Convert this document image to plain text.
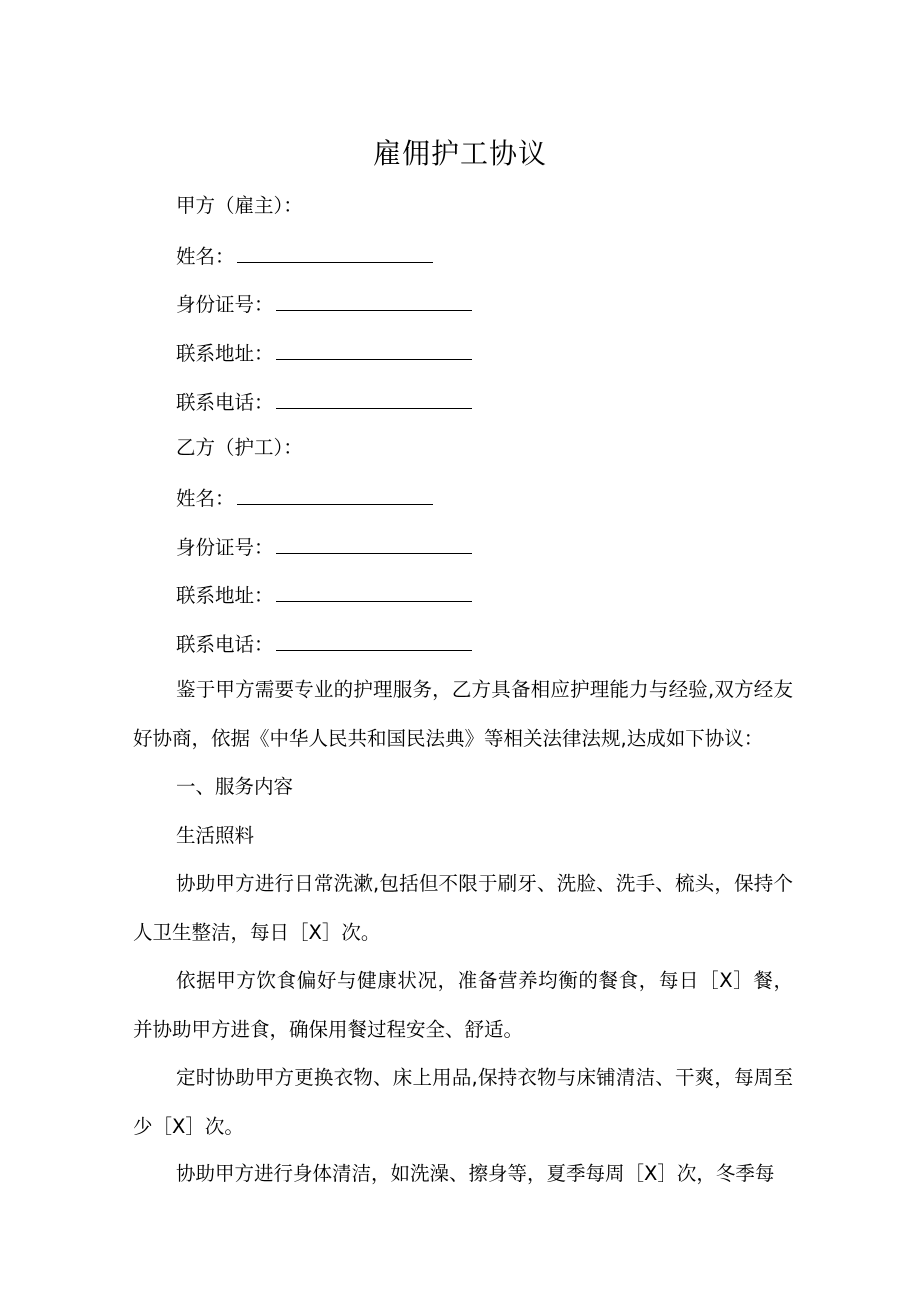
雇佣护工协议
甲方（雇主）：
姓名：
身份证号：
联系地址：
联系电话：
乙方（护工）：
姓名：
身份证号：
联系地址：
联系电话：

鉴于甲方需要专业的护理服务，乙方具备相应护理能力与经验,双方经友好协商，依据《中华人民共和国民法典》等相关法律法规,达成如下协议：

一、服务内容
生活照料

协助甲方进行日常洗漱,包括但不限于刷牙、洗脸、洗手、梳头，保持个人卫生整洁，每日［X］次。

依据甲方饮食偏好与健康状况，准备营养均衡的餐食，每日［X］餐，并协助甲方进食，确保用餐过程安全、舒适。

定时协助甲方更换衣物、床上用品,保持衣物与床铺清洁、干爽，每周至少［X］次。

协助甲方进行身体清洁，如洗澡、擦身等，夏季每周［X］次，冬季每
